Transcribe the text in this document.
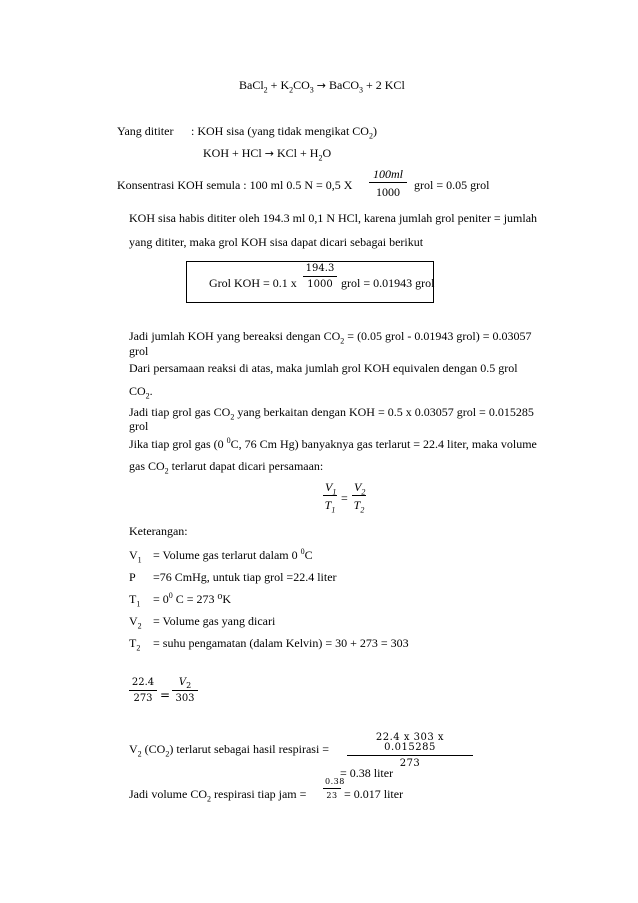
BaCl$_2$ + $K_2CO_3$ → BaCO$_3$ + 2 KCl
Yang dititer : KOH sisa (yang tidak mengikat $CO_2$)
KOH + HCl → KCl + $H_2O$
Konsentrasi KOH semula : 100 ml 0.5 N = 0,5 X $\frac{100ml}{1000}$ grol = 0.05 grol
KOH sisa habis dititer oleh 194.3 ml 0,1 N HCl, karena jumlah grol peniter = jumlah
yang dititer, maka grol KOH sisa dapat dicari sebagai berikut
Grol KOH = 0.1 x $\frac{194.3}{1000}$ grol = 0.01943 grol
Jadi jumlah KOH yang bereaksi dengan $CO_2 = (0.05$ grol - 0.01943 grol) = 0.03057
grol
Dari persamaan reaksi di atas, maka jumlah grol KOH equivalen dengan 0.5 grol
$CO_2$.
Jadi tiap grol gas $CO_2$ yang berkaitan dengan KOH = 0.5 x 0.03057 grol = 0.015285
grol
Jika tiap grol gas (0 $^0$C, 76 Cm Hg) banyaknya gas terlarut = 22.4 liter, maka volume
gas $CO_2$ terlarut dapat dicari persamaan:
$\frac{V_1}{T_1} = \frac{V_2}{T_2}$
Keterangan:
$V_1$ = Volume gas terlarut dalam 0 $^0$C
P =76 CmHg, untuk tiap grol =22.4 liter
$T_1 = 0^0$ C = 273 ⁰K
$V_2$ = Volume gas yang dicari
$T_2$ = suhu pengamatan (dalam Kelvin) = 30 + 273 = 303
$\frac{22.4}{273} = \frac{V_2}{303}$
$V_2$ $(CO_2)$ terlarut sebagai hasil respirasi = $\frac{22.4 x 303 x 0.015285}{273}$
= 0.38 liter
Jadi volume $CO_2$ respirasi tiap jam = $\frac{0.38}{23} = 0.017$ liter
